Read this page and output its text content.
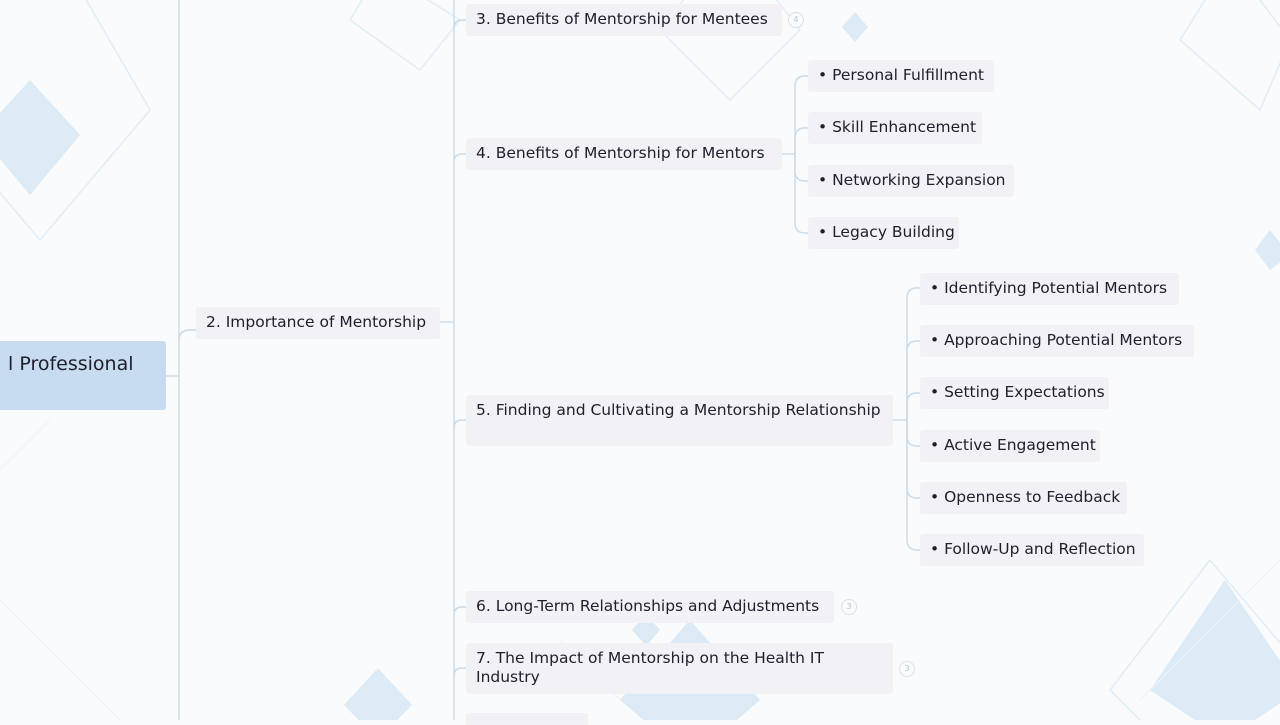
l Professional
2. Importance of Mentorship
3. Benefits of Mentorship for Mentees	4
4. Benefits of Mentorship for Mentors
5. Finding and Cultivating a Mentorship Relationship
6. Long-Term Relationships and Adjustments	3
7. The Impact of Mentorship on the Health IT Industry	3
• Personal Fulfillment
• Skill Enhancement
• Networking Expansion
• Legacy Building
• Identifying Potential Mentors
• Approaching Potential Mentors
• Setting Expectations
• Active Engagement
• Openness to Feedback
• Follow-Up and Reflection
